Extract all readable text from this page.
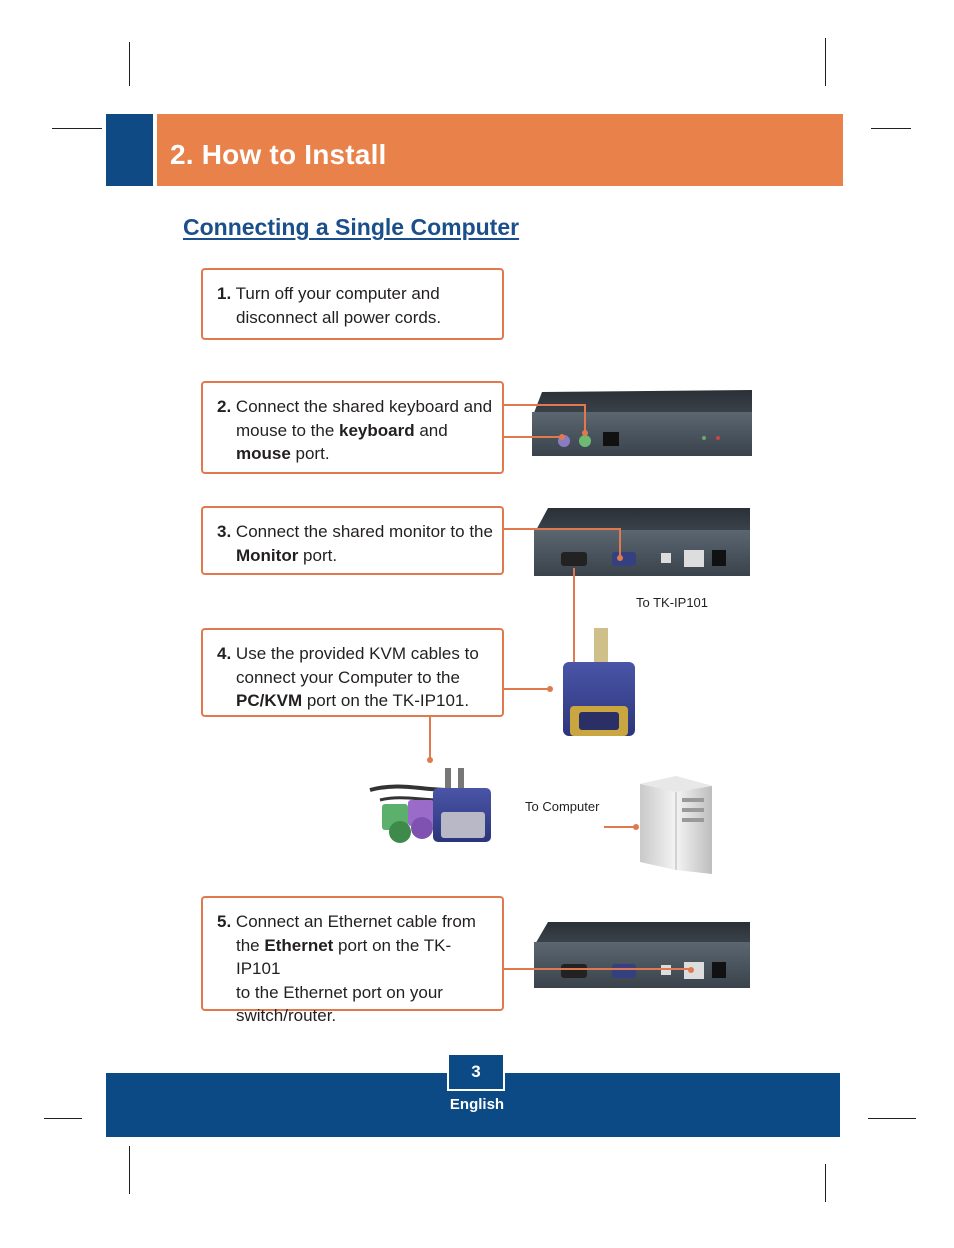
2. How to Install
Connecting a Single Computer
1. Turn off your computer and
disconnect all power cords.
2. Connect the shared keyboard and
mouse to the keyboard and
mouse port.
3. Connect the shared monitor to the
Monitor port.
4. Use the provided KVM cables to
connect your Computer to the
PC/KVM port on the TK-IP101.
5. Connect an Ethernet cable from
the Ethernet port on the TK-IP101
to the Ethernet port on your
switch/router.
To TK-IP101
To Computer
3
English
